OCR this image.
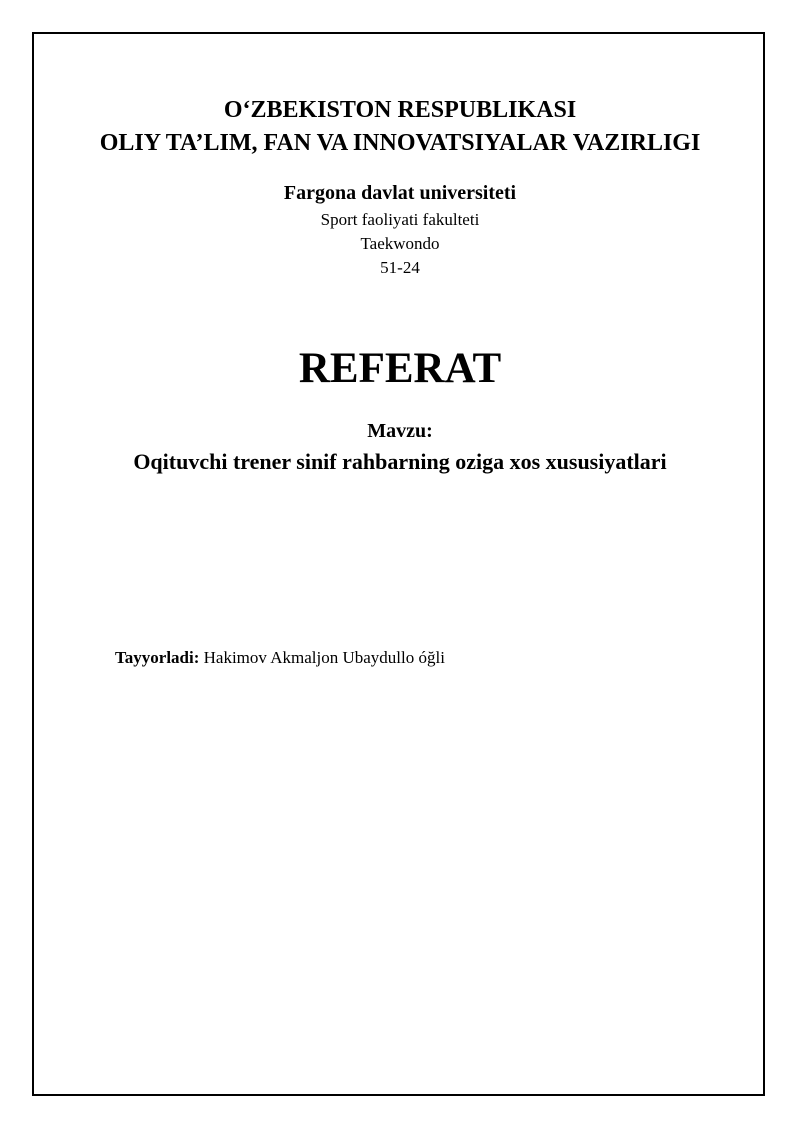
O‘ZBEKISTON RESPUBLIKASI

OLIY TA’LIM, FAN VA INNOVATSIYALAR VAZIRLIGI

Fargona davlat universiteti

Sport faoliyati fakulteti

Taekwondo

51-24

REFERAT

Mavzu:

Oqituvchi trener sinif rahbarning oziga xos xususiyatlari

Tayyorladi: Hakimov Akmaljon Ubaydullo óğli
